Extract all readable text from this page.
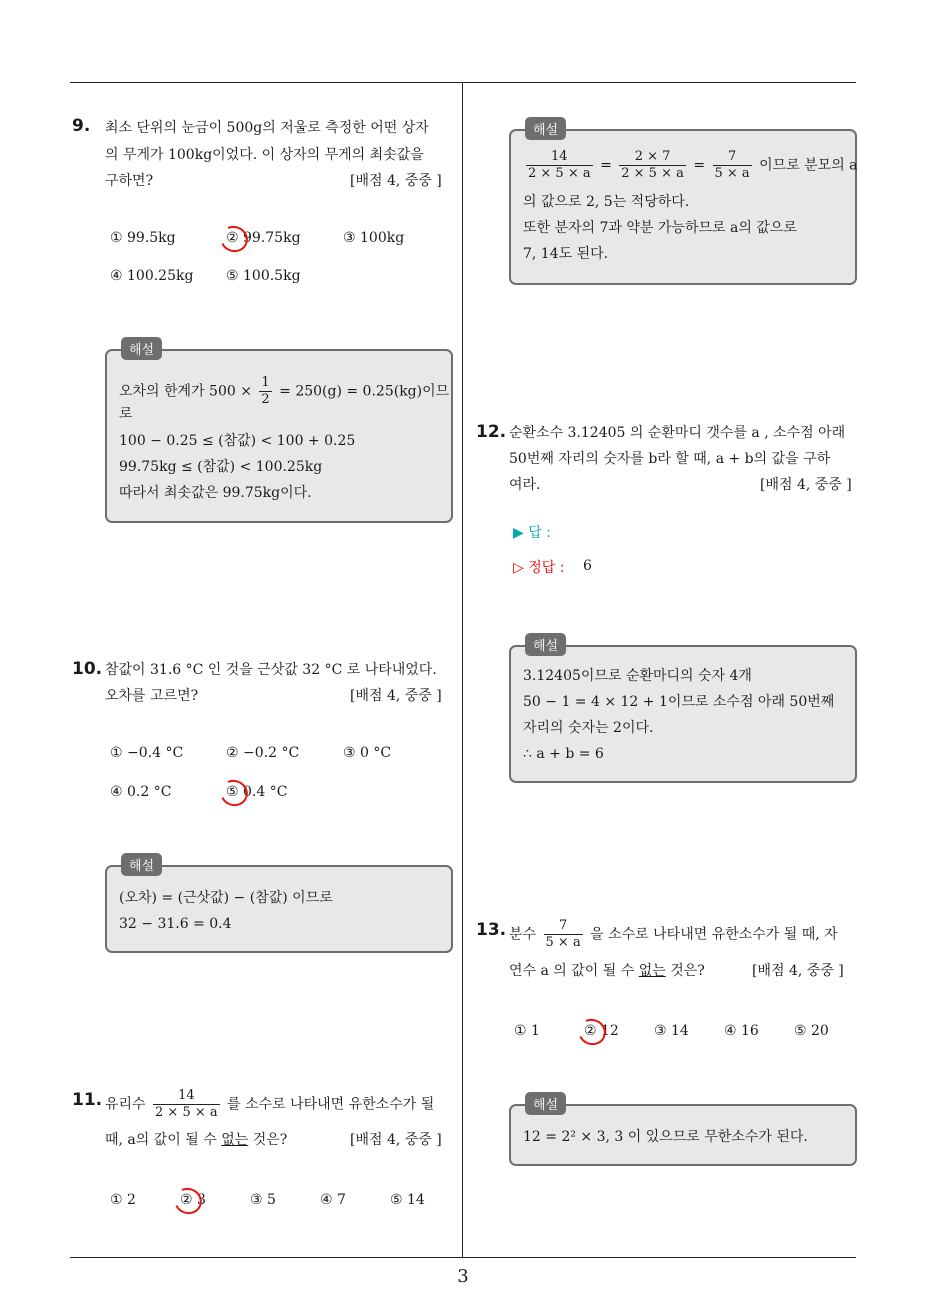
3
9. 최소 단위의 눈금이 500g의 저울로 측정한 어떤 상자
의 무게가 100kg이었다. 이 상자의 무게의 최솟값을
구하면?	[배점 4, 중중 ]
① 99.5kg	② 99.75kg	③ 100kg
④ 100.25kg ⑤ 100.5kg
해설
오차의 한계가 $500 \times \frac{1}{2} = 250(g) = 0.25(kg)$이므
로
100 − 0.25 ≤ (참값) < 100 + 0.25
99.75kg ≤ (참값) < 100.25kg
따라서 최솟값은 99.75kg이다.
10. 참값이 31.6 °C 인 것을 근삿값 32 °C 로 나타내었다.
오차를 고르면?	[배점 4, 중중 ]
① −0.4 °C	② −0.2 °C	③ 0 °C
④ 0.2 °C	⑤ 0.4 °C
해설
(오차) = (근삿값) − (참값) 이므로
32 − 31.6 = 0.4
11. 유리수 $\frac{14}{2 \times 5 \times a}$ 를 소수로 나타내면 유한소수가 될
때, a의 값이 될 수 없는 것은?	[배점 4, 중중 ]
① 2	② 3	③ 5	④ 7	⑤ 14
해설
$\frac{14}{2 \times 5 \times a} = \frac{2 \times 7}{2 \times 5 \times a} = \frac{7}{5 \times a}$ 이므로 분모의 a
의 값으로 2, 5는 적당하다.
또한 분자의 7과 약분 가능하므로 a의 값으로
7, 14도 된다.
12. 순환소수 3.12̇405̇ 의 순환마디 갯수를 a , 소수점 아래
50번째 자리의 숫자를 b라 할 때, a + b의 값을 구하
여라.	[배점 4, 중중 ]
▶ 답 :
▷ 정답 : 6
해설
3.12̇405̇이므로 순환마디의 숫자 4개
50 − 1 = 4 × 12 + 1이므로 소수점 아래 50번째
자리의 숫자는 2이다.
∴ a + b = 6
13. 분수 $\frac{7}{5 \times a}$ 을 소수로 나타내면 유한소수가 될 때, 자
연수 a 의 값이 될 수 없는 것은?	[배점 4, 중중 ]
① 1	② 12	③ 14	④ 16	⑤ 20
해설
12 = 2² × 3, 3 이 있으므로 무한소수가 된다.
